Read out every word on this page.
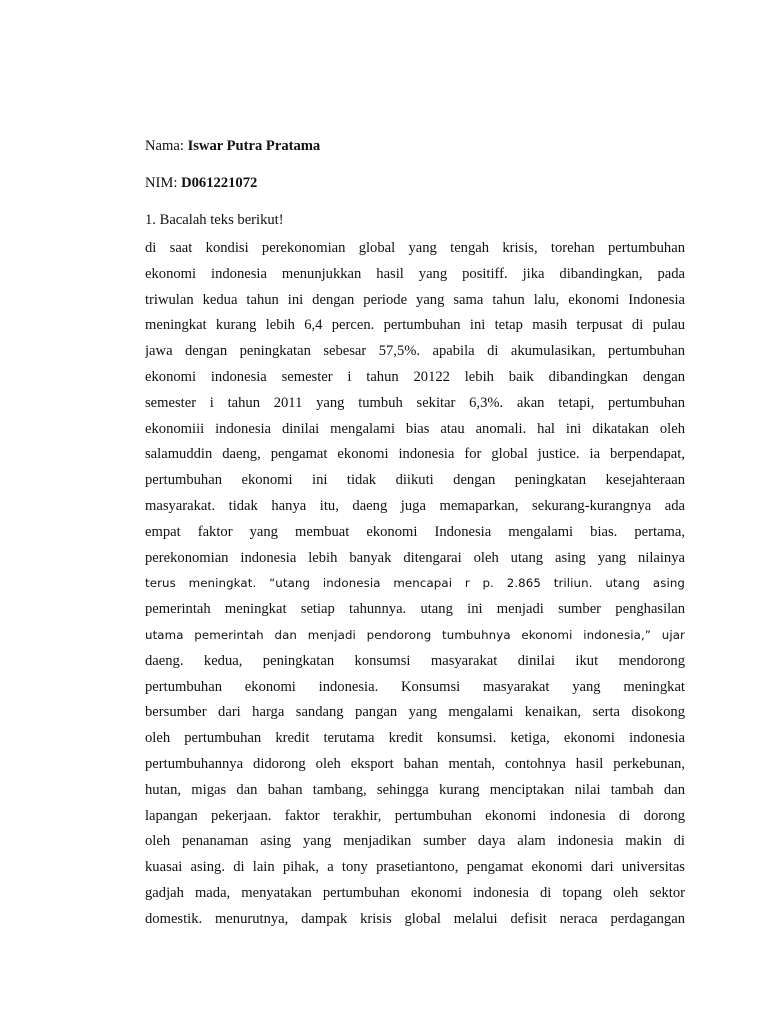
Nama: Iswar Putra Pratama
NIM: D061221072
1. Bacalah teks berikut!
di saat kondisi perekonomian global yang tengah krisis, torehan pertumbuhan
ekonomi indonesia menunjukkan hasil yang positiff. jika dibandingkan, pada
triwulan kedua tahun ini dengan periode yang sama tahun lalu, ekonomi Indonesia
meningkat kurang lebih 6,4 percen. pertumbuhan ini tetap masih terpusat di pulau
jawa dengan peningkatan sebesar 57,5%. apabila di akumulasikan, pertumbuhan
ekonomi indonesia semester i tahun 20122 lebih baik dibandingkan dengan
semester i tahun 2011 yang tumbuh sekitar 6,3%. akan tetapi, pertumbuhan
ekonomiii indonesia dinilai mengalami bias atau anomali. hal ini dikatakan oleh
salamuddin daeng, pengamat ekonomi indonesia for global justice. ia berpendapat,
pertumbuhan ekonomi ini tidak diikuti dengan peningkatan kesejahteraan
masyarakat. tidak hanya itu, daeng juga memaparkan, sekurang-kurangnya ada
empat faktor yang membuat ekonomi Indonesia mengalami bias. pertama,
perekonomian indonesia lebih banyak ditengarai oleh utang asing yang nilainya
terus meningkat. “utang indonesia mencapai r p. 2.865 triliun. utang asing
pemerintah meningkat setiap tahunnya. utang ini menjadi sumber penghasilan
utama pemerintah dan menjadi pendorong tumbuhnya ekonomi indonesia,” ujar
daeng. kedua, peningkatan konsumsi masyarakat dinilai ikut mendorong
pertumbuhan ekonomi indonesia. Konsumsi masyarakat yang meningkat
bersumber dari harga sandang pangan yang mengalami kenaikan, serta disokong
oleh pertumbuhan kredit terutama kredit konsumsi. ketiga, ekonomi indonesia
pertumbuhannya didorong oleh eksport bahan mentah, contohnya hasil perkebunan,
hutan, migas dan bahan tambang, sehingga kurang menciptakan nilai tambah dan
lapangan pekerjaan. faktor terakhir, pertumbuhan ekonomi indonesia di dorong
oleh penanaman asing yang menjadikan sumber daya alam indonesia makin di
kuasai asing. di lain pihak, a tony prasetiantono, pengamat ekonomi dari universitas
gadjah mada, menyatakan pertumbuhan ekonomi indonesia di topang oleh sektor
domestik. menurutnya, dampak krisis global melalui defisit neraca perdagangan
